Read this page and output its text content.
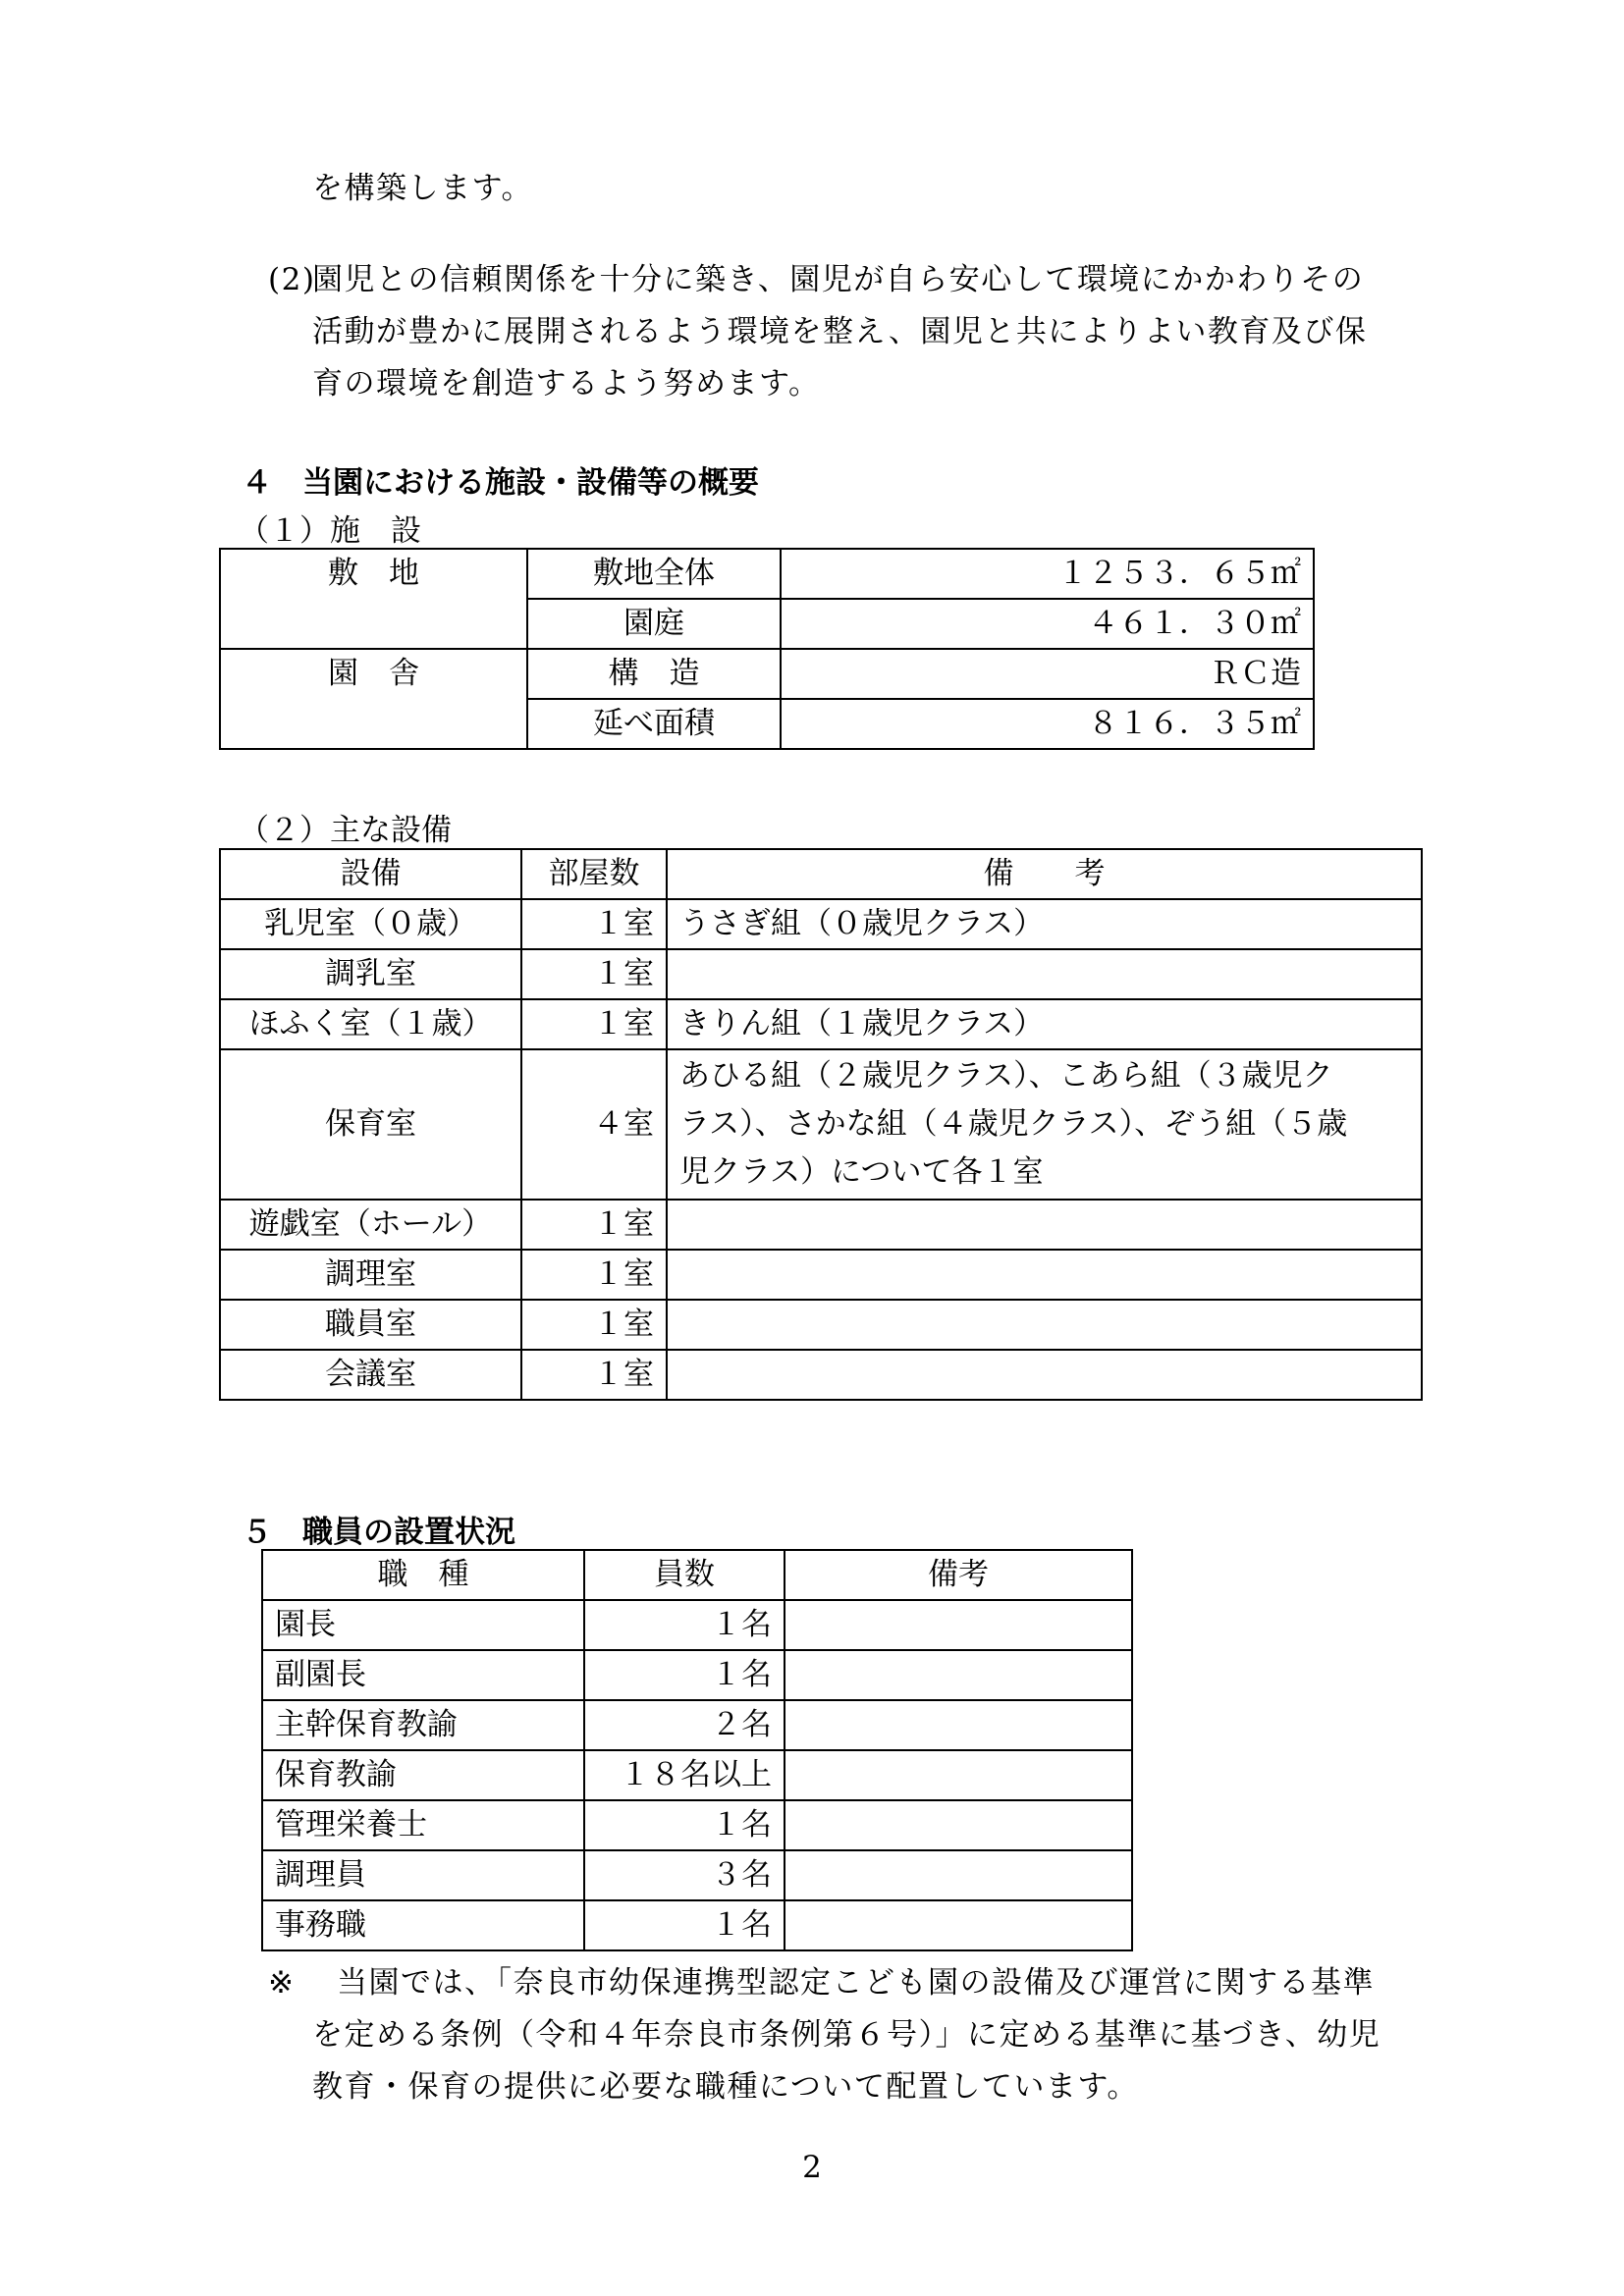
を構築します。
(2)
園児との信頼関係を十分に築き、園児が自ら安心して環境にかかわりその
活動が豊かに展開されるよう環境を整え、園児と共によりよい教育及び保
育の環境を創造するよう努めます。
４　当園における施設・設備等の概要
（１）施　設
敷　地	敷地全体	１２５３．６５㎡
	園庭	４６１．３０㎡
園　舎	構　造	ＲＣ造
	延べ面積	８１６．３５㎡
（２）主な設備
設備	部屋数	備　　考
乳児室（０歳）	１室	うさぎ組（０歳児クラス）
調乳室	１室	
ほふく室（１歳）	１室	きりん組（１歳児クラス）
保育室	４室	あひる組（２歳児クラス）、こあら組（３歳児ク
ラス）、さかな組（４歳児クラス）、ぞう組（５歳
児クラス）について各１室

遊戯室（ホール）	１室	
調理室	１室	
職員室	１室	
会議室	１室	
５　職員の設置状況
職　種	員数	備考
園長	１名	
副園長	１名	
主幹保育教諭	２名	
保育教諭	１８名以上	
管理栄養士	１名	
調理員	３名	
事務職	１名	
※ 当園では、「奈良市幼保連携型認定こども園の設備及び運営に関する基準
を定める条例（令和４年奈良市条例第６号）」に定める基準に基づき、幼児
教育・保育の提供に必要な職種について配置しています。
2
